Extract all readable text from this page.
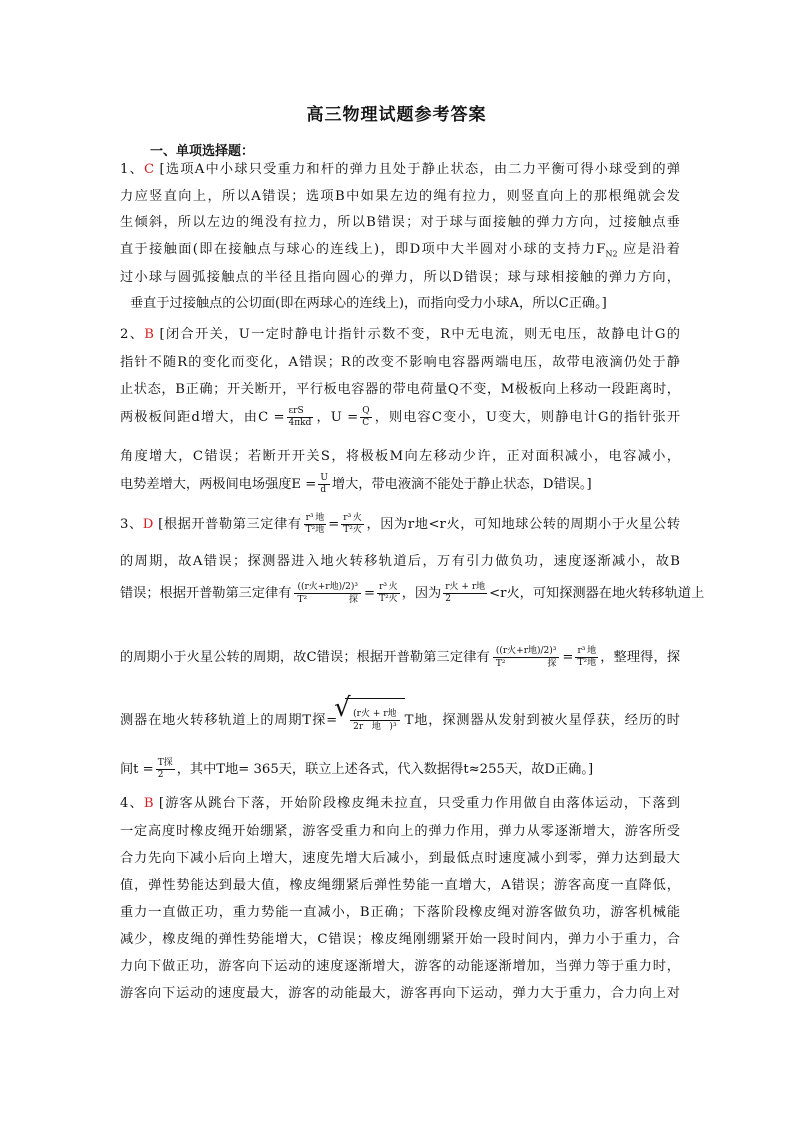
高三物理试题参考答案
一、单项选择题：
1、C [选项A中小球只受重力和杆的弹力且处于静止状态，由二力平衡可得小球受到的弹
力应竖直向上，所以A错误；选项B中如果左边的绳有拉力，则竖直向上的那根绳就会发
生倾斜，所以左边的绳没有拉力，所以B错误；对于球与面接触的弹力方向，过接触点垂
直于接触面(即在接触点与球心的连线上)，即D项中大半圆对小球的支持力$F_{N2}$ 应是沿着
过小球与圆弧接触点的半径且指向圆心的弹力，所以D错误；球与球相接触的弹力方向，
垂直于过接触点的公切面(即在两球心的连线上)，而指向受力小球A，所以C正确。]
2、B [闭合开关，U一定时静电计指针示数不变，R中无电流，则无电压，故静电计G的
指针不随R的变化而变化，A错误；R的改变不影响电容器两端电压，故带电液滴仍处于静
止状态，B正确；开关断开，平行板电容器的带电荷量Q不变，M极板向上移动一段距离时，
两极板间距d增大，由$C = \frac{\text{εrS}}{\text{4πkd}}$ ，$U = \frac{Q}{C}$ ，则电容C变小，U变大，则静电计G的指针张开
角度增大，C错误；若断开开关S，将极板M向左移动少许，正对面积减小，电容减小，
电势差增大，两极间电场强度$E = \frac{U}{d}$ 增大，带电液滴不能处于静止状态，D错误。]
3、D [根据开普勒第三定律有 $\frac{\text{r³地}}{\text{T²地}} = \frac{\text{r³火}}{\text{T²火}}$ ，因为r地<r火，可知地球公转的周期小于火星公转
的周期，故A错误；探测器进入地火转移轨道后，万有引力做负功，速度逐渐减小，故B
错误；根据开普勒第三定律有 ((r火+r地)/2)³
T²探 = $\frac{\text{r³火}}{\text{T²火}}$ ，因为 $\frac{\text{r火 + r地}}{2} <r$火，可知探测器在地火转移轨道上
的周期小于火星公转的周期，故C错误；根据开普勒第三定律有 ((r火+r地)/2)³
T²探 = $\frac{\text{r³地}}{\text{T²地}}$ ，整理得，探
测器在地火转移轨道上的周期T探=
√	(r火 + r地
2r地)³ T地，探测器从发射到被火星俘获，经历的时
间$t = \frac{\text{T探}}{2}$ ，其中T地= 365天，联立上述各式，代入数据得t≈255天，故D正确。]
4、B [游客从跳台下落，开始阶段橡皮绳未拉直，只受重力作用做自由落体运动，下落到
一定高度时橡皮绳开始绷紧，游客受重力和向上的弹力作用，弹力从零逐渐增大，游客所受
合力先向下减小后向上增大，速度先增大后减小，到最低点时速度减小到零，弹力达到最大
值，弹性势能达到最大值，橡皮绳绷紧后弹性势能一直增大，A错误；游客高度一直降低，
重力一直做正功，重力势能一直减小，B正确；下落阶段橡皮绳对游客做负功，游客机械能
减少，橡皮绳的弹性势能增大，C错误；橡皮绳刚绷紧开始一段时间内，弹力小于重力，合
力向下做正功，游客向下运动的速度逐渐增大，游客的动能逐渐增加，当弹力等于重力时，
游客向下运动的速度最大，游客的动能最大，游客再向下运动，弹力大于重力，合力向上对
